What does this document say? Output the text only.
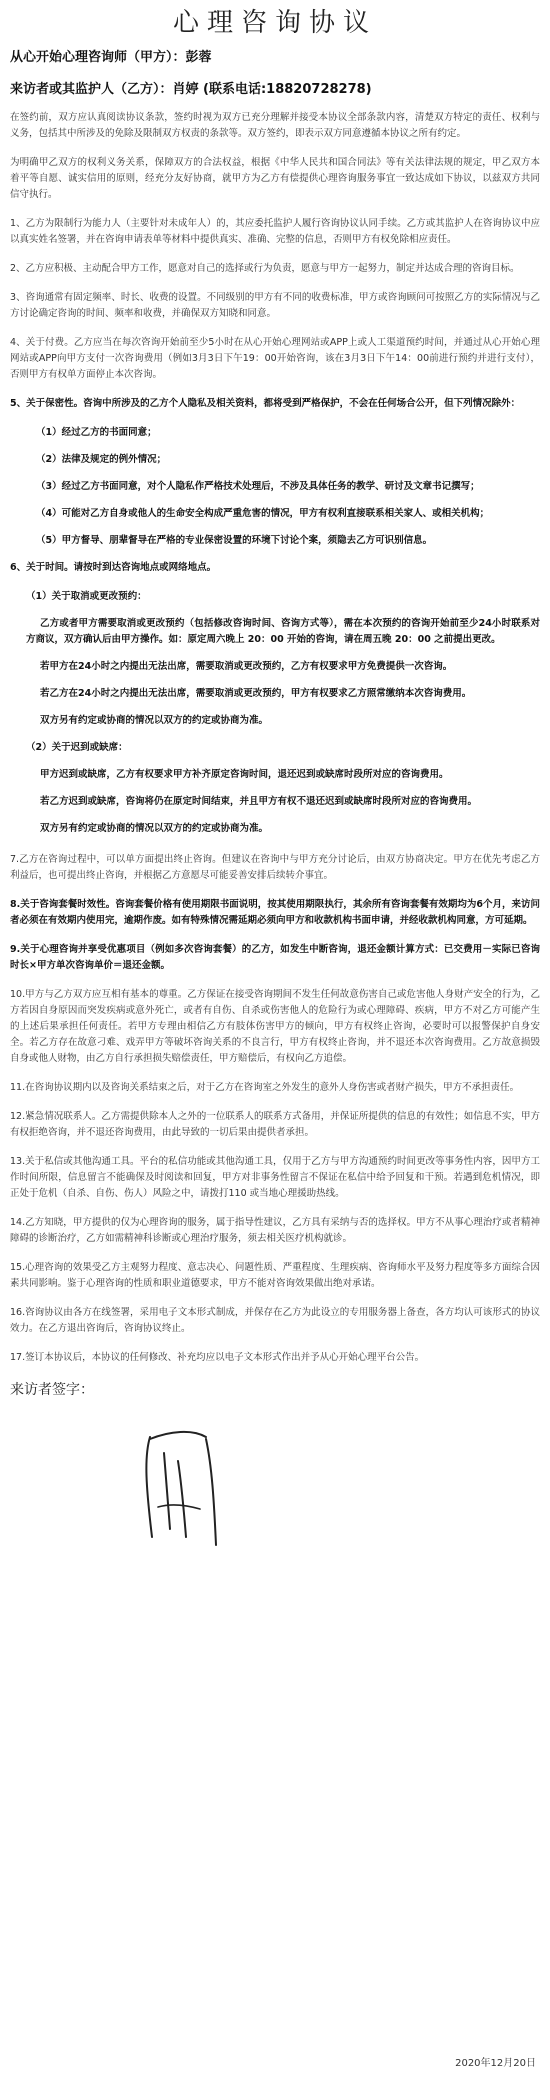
心理咨询协议
从心开始心理咨询师（甲方）：彭蓉
来访者或其监护人（乙方）：肖婷 (联系电话:18820728278)

在签约前，双方应认真阅读协议条款，签约时视为双方已充分理解并接受本协议全部条款内容，清楚双方特定的责任、权利与义务，包括其中所涉及的免除及限制双方权责的条款等。双方签约，即表示双方同意遵循本协议之所有约定。

为明确甲乙双方的权利义务关系，保障双方的合法权益，根据《中华人民共和国合同法》等有关法律法规的规定，甲乙双方本着平等自愿、诚实信用的原则，经充分友好协商，就甲方为乙方有偿提供心理咨询服务事宜一致达成如下协议，以兹双方共同信守执行。

1、乙方为限制行为能力人（主要针对未成年人）的，其应委托监护人履行咨询协议认同手续。乙方或其监护人在咨询协议中应以真实姓名签署，并在咨询申请表单等材料中提供真实、准确、完整的信息，否则甲方有权免除相应责任。

2、乙方应积极、主动配合甲方工作，愿意对自己的选择或行为负责，愿意与甲方一起努力，制定并达成合理的咨询目标。

3、咨询通常有固定频率、时长、收费的设置。不同级别的甲方有不同的收费标准，甲方或咨询顾问可按照乙方的实际情况与乙方讨论确定咨询的时间、频率和收费，并确保双方知晓和同意。

4、关于付费。乙方应当在每次咨询开始前至少5小时在从心开始心理网站或APP上或人工渠道预约时间，并通过从心开始心理网站或APP向甲方支付一次咨询费用（例如3月3日下午19：00开始咨询，该在3月3日下午14：00前进行预约并进行支付），否则甲方有权单方面停止本次咨询。

5、关于保密性。咨询中所涉及的乙方个人隐私及相关资料，都将受到严格保护，不会在任何场合公开，但下列情况除外：

（1）经过乙方的书面同意；

（2）法律及规定的例外情况；

（3）经过乙方书面同意，对个人隐私作严格技术处理后，不涉及具体任务的教学、研讨及文章书记撰写；

（4）可能对乙方自身或他人的生命安全构成严重危害的情况，甲方有权利直接联系相关家人、或相关机构；

（5）甲方督导、朋辈督导在严格的专业保密设置的环境下讨论个案，须隐去乙方可识别信息。

6、关于时间。请按时到达咨询地点或网络地点。

（1）关于取消或更改预约：

乙方或者甲方需要取消或更改预约（包括修改咨询时间、咨询方式等），需在本次预约的咨询开始前至少24小时联系对方商议，双方确认后由甲方操作。如：原定周六晚上 20：00 开始的咨询，请在周五晚 20：00 之前提出更改。

若甲方在24小时之内提出无法出席，需要取消或更改预约，乙方有权要求甲方免费提供一次咨询。

若乙方在24小时之内提出无法出席，需要取消或更改预约，甲方有权要求乙方照常缴纳本次咨询费用。

双方另有约定或协商的情况以双方的约定或协商为准。

（2）关于迟到或缺席：

甲方迟到或缺席，乙方有权要求甲方补齐原定咨询时间，退还迟到或缺席时段所对应的咨询费用。

若乙方迟到或缺席，咨询将仍在原定时间结束，并且甲方有权不退还迟到或缺席时段所对应的咨询费用。

双方另有约定或协商的情况以双方的约定或协商为准。

7.乙方在咨询过程中，可以单方面提出终止咨询。但建议在咨询中与甲方充分讨论后，由双方协商决定。甲方在优先考虑乙方利益后，也可提出终止咨询，并根据乙方意愿尽可能妥善安排后续转介事宜。

8.关于咨询套餐时效性。咨询套餐价格有使用期限书面说明，按其使用期限执行，其余所有咨询套餐有效期均为6个月，来访问者必须在有效期内使用完，逾期作废。如有特殊情况需延期必须向甲方和收款机构书面申请，并经收款机构同意，方可延期。

9.关于心理咨询并享受优惠项目（例如多次咨询套餐）的乙方，如发生中断咨询，退还金额计算方式：已交费用－实际已咨询时长×甲方单次咨询单价＝退还金额。

10.甲方与乙方双方应互相有基本的尊重。乙方保证在接受咨询期间不发生任何故意伤害自己或危害他人身财产安全的行为，乙方若因自身原因而突发疾病或意外死亡，或者有自伤、自杀或伤害他人的危险行为或心理障碍、疾病，甲方不对乙方可能产生的上述后果承担任何责任。若甲方专理由相信乙方有肢体伤害甲方的倾向，甲方有权终止咨询，必要时可以报警保护自身安全。若乙方存在故意刁难、戏弄甲方等破坏咨询关系的不良言行，甲方有权终止咨询，并不退还本次咨询费用。乙方故意损毁自身或他人财物，由乙方自行承担损失赔偿责任，甲方赔偿后，有权向乙方追偿。

11.在咨询协议期内以及咨询关系结束之后，对于乙方在咨询室之外发生的意外人身伤害或者财产损失，甲方不承担责任。

12.紧急情况联系人。乙方需提供除本人之外的一位联系人的联系方式备用，并保证所提供的信息的有效性；如信息不实，甲方有权拒绝咨询，并不退还咨询费用，由此导致的一切后果由提供者承担。

13.关于私信或其他沟通工具。平台的私信功能或其他沟通工具，仅用于乙方与甲方沟通预约时间更改等事务性内容，因甲方工作时间所限，信息留言不能确保及时阅读和回复，甲方对非事务性留言不保证在私信中给予回复和干预。若遇到危机情况，即正处于危机（自杀、自伤、伤人）风险之中，请拨打110 或当地心理援助热线。

14.乙方知晓，甲方提供的仅为心理咨询的服务，属于指导性建议，乙方具有采纳与否的选择权。甲方不从事心理治疗或者精神障碍的诊断治疗，乙方如需精神科诊断或心理治疗服务，须去相关医疗机构就诊。

15.心理咨询的效果受乙方主观努力程度、意志决心、问题性质、严重程度、生理疾病、咨询师水平及努力程度等多方面综合因素共同影响。鉴于心理咨询的性质和职业道德要求，甲方不能对咨询效果做出绝对承诺。

16.咨询协议由各方在线签署，采用电子文本形式制成，并保存在乙方为此设立的专用服务器上备查，各方均认可该形式的协议效力。在乙方退出咨询后，咨询协议终止。

17.签订本协议后，本协议的任何修改、补充均应以电子文本形式作出并予从心开始心理平台公告。

来访者签字：
2020年12月20日
